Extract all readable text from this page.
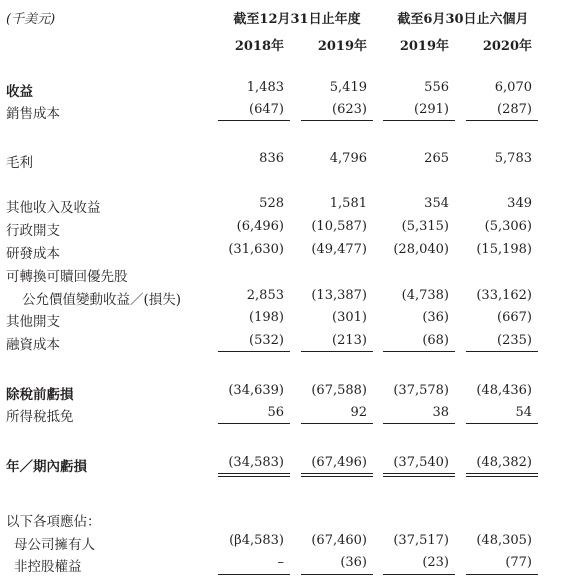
(千美元)	截至12月31日止年度	截至6月30日止六個月
2018年	2019年	2019年	2020年
收益	1,483	5,419	556	6,070
銷售成本	(647)	(623)	(291)	(287)
毛利	836	4,796	265	5,783
其他收入及收益	528	1,581	354	349
行政開支	(6,496)	(10,587)	(5,315)	(5,306)
研發成本	(31,630)	(49,477)	(28,040)	(15,198)
可轉換可贖回優先股
公允價值變動收益／(損失)	2,853	(13,387)	(4,738)	(33,162)
其他開支	(198)	(301)	(36)	(667)
融資成本	(532)	(213)	(68)	(235)
除稅前虧損	(34,639)	(67,588)	(37,578)	(48,436)
所得稅抵免	56	92	38	54
年／期內虧損	(34,583)	(67,496)	(37,540)	(48,382)
以下各項應佔：
母公司擁有人	(β4,583)	(67,460)	(37,517)	(48,305)
非控股權益	–	(36)	(23)	(77)
